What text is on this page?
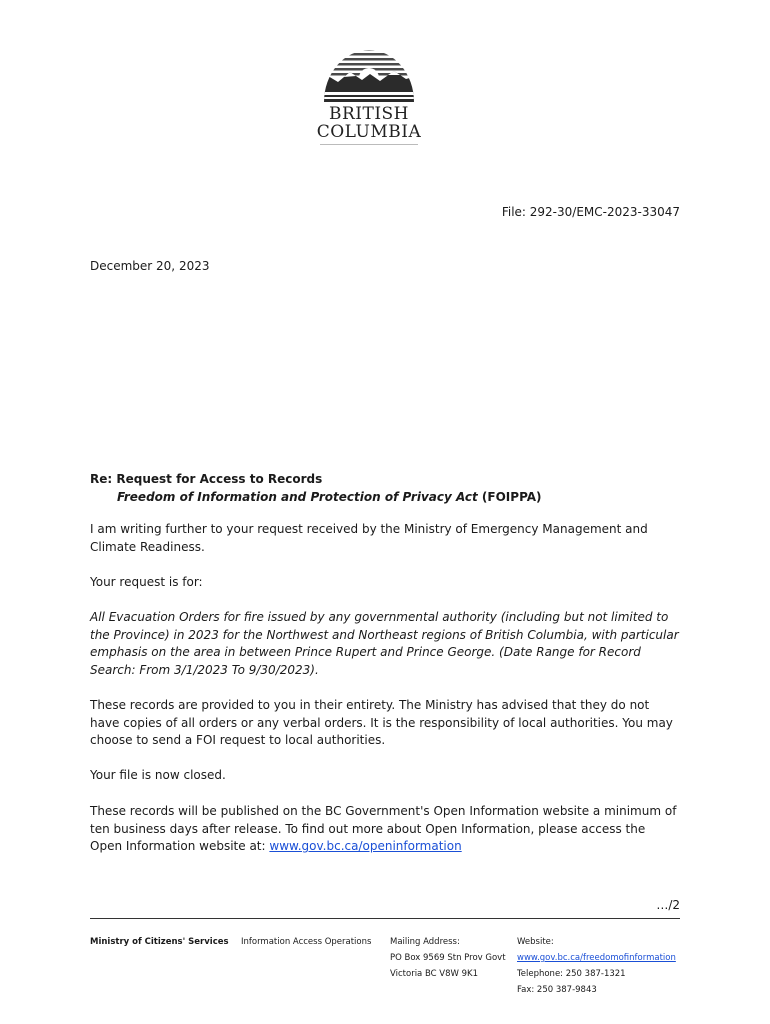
BRITISH
COLUMBIA
File: 292-30/EMC-2023-33047
December 20, 2023
Re: Request for Access to Records
Freedom of Information and Protection of Privacy Act (FOIPPA)

I am writing further to your request received by the Ministry of Emergency Management and Climate Readiness.

Your request is for:

All Evacuation Orders for fire issued by any governmental authority (including but not limited to the Province) in 2023 for the Northwest and Northeast regions of British Columbia, with particular emphasis on the area in between Prince Rupert and Prince George. (Date Range for Record Search: From 3/1/2023 To 9/30/2023).

These records are provided to you in their entirety. The Ministry has advised that they do not have copies of all orders or any verbal orders. It is the responsibility of local authorities. You may choose to send a FOI request to local authorities.

Your file is now closed.

These records will be published on the BC Government's Open Information website a minimum of ten business days after release. To find out more about Open Information, please access the Open Information website at: www.gov.bc.ca/openinformation

…/2
Ministry of Citizens' Services Information Access Operations Mailing Address:
PO Box 9569 Stn Prov Govt
Victoria BC V8W 9K1
Website:
www.gov.bc.ca/freedomofinformation
Telephone: 250 387-1321
Fax: 250 387-9843
